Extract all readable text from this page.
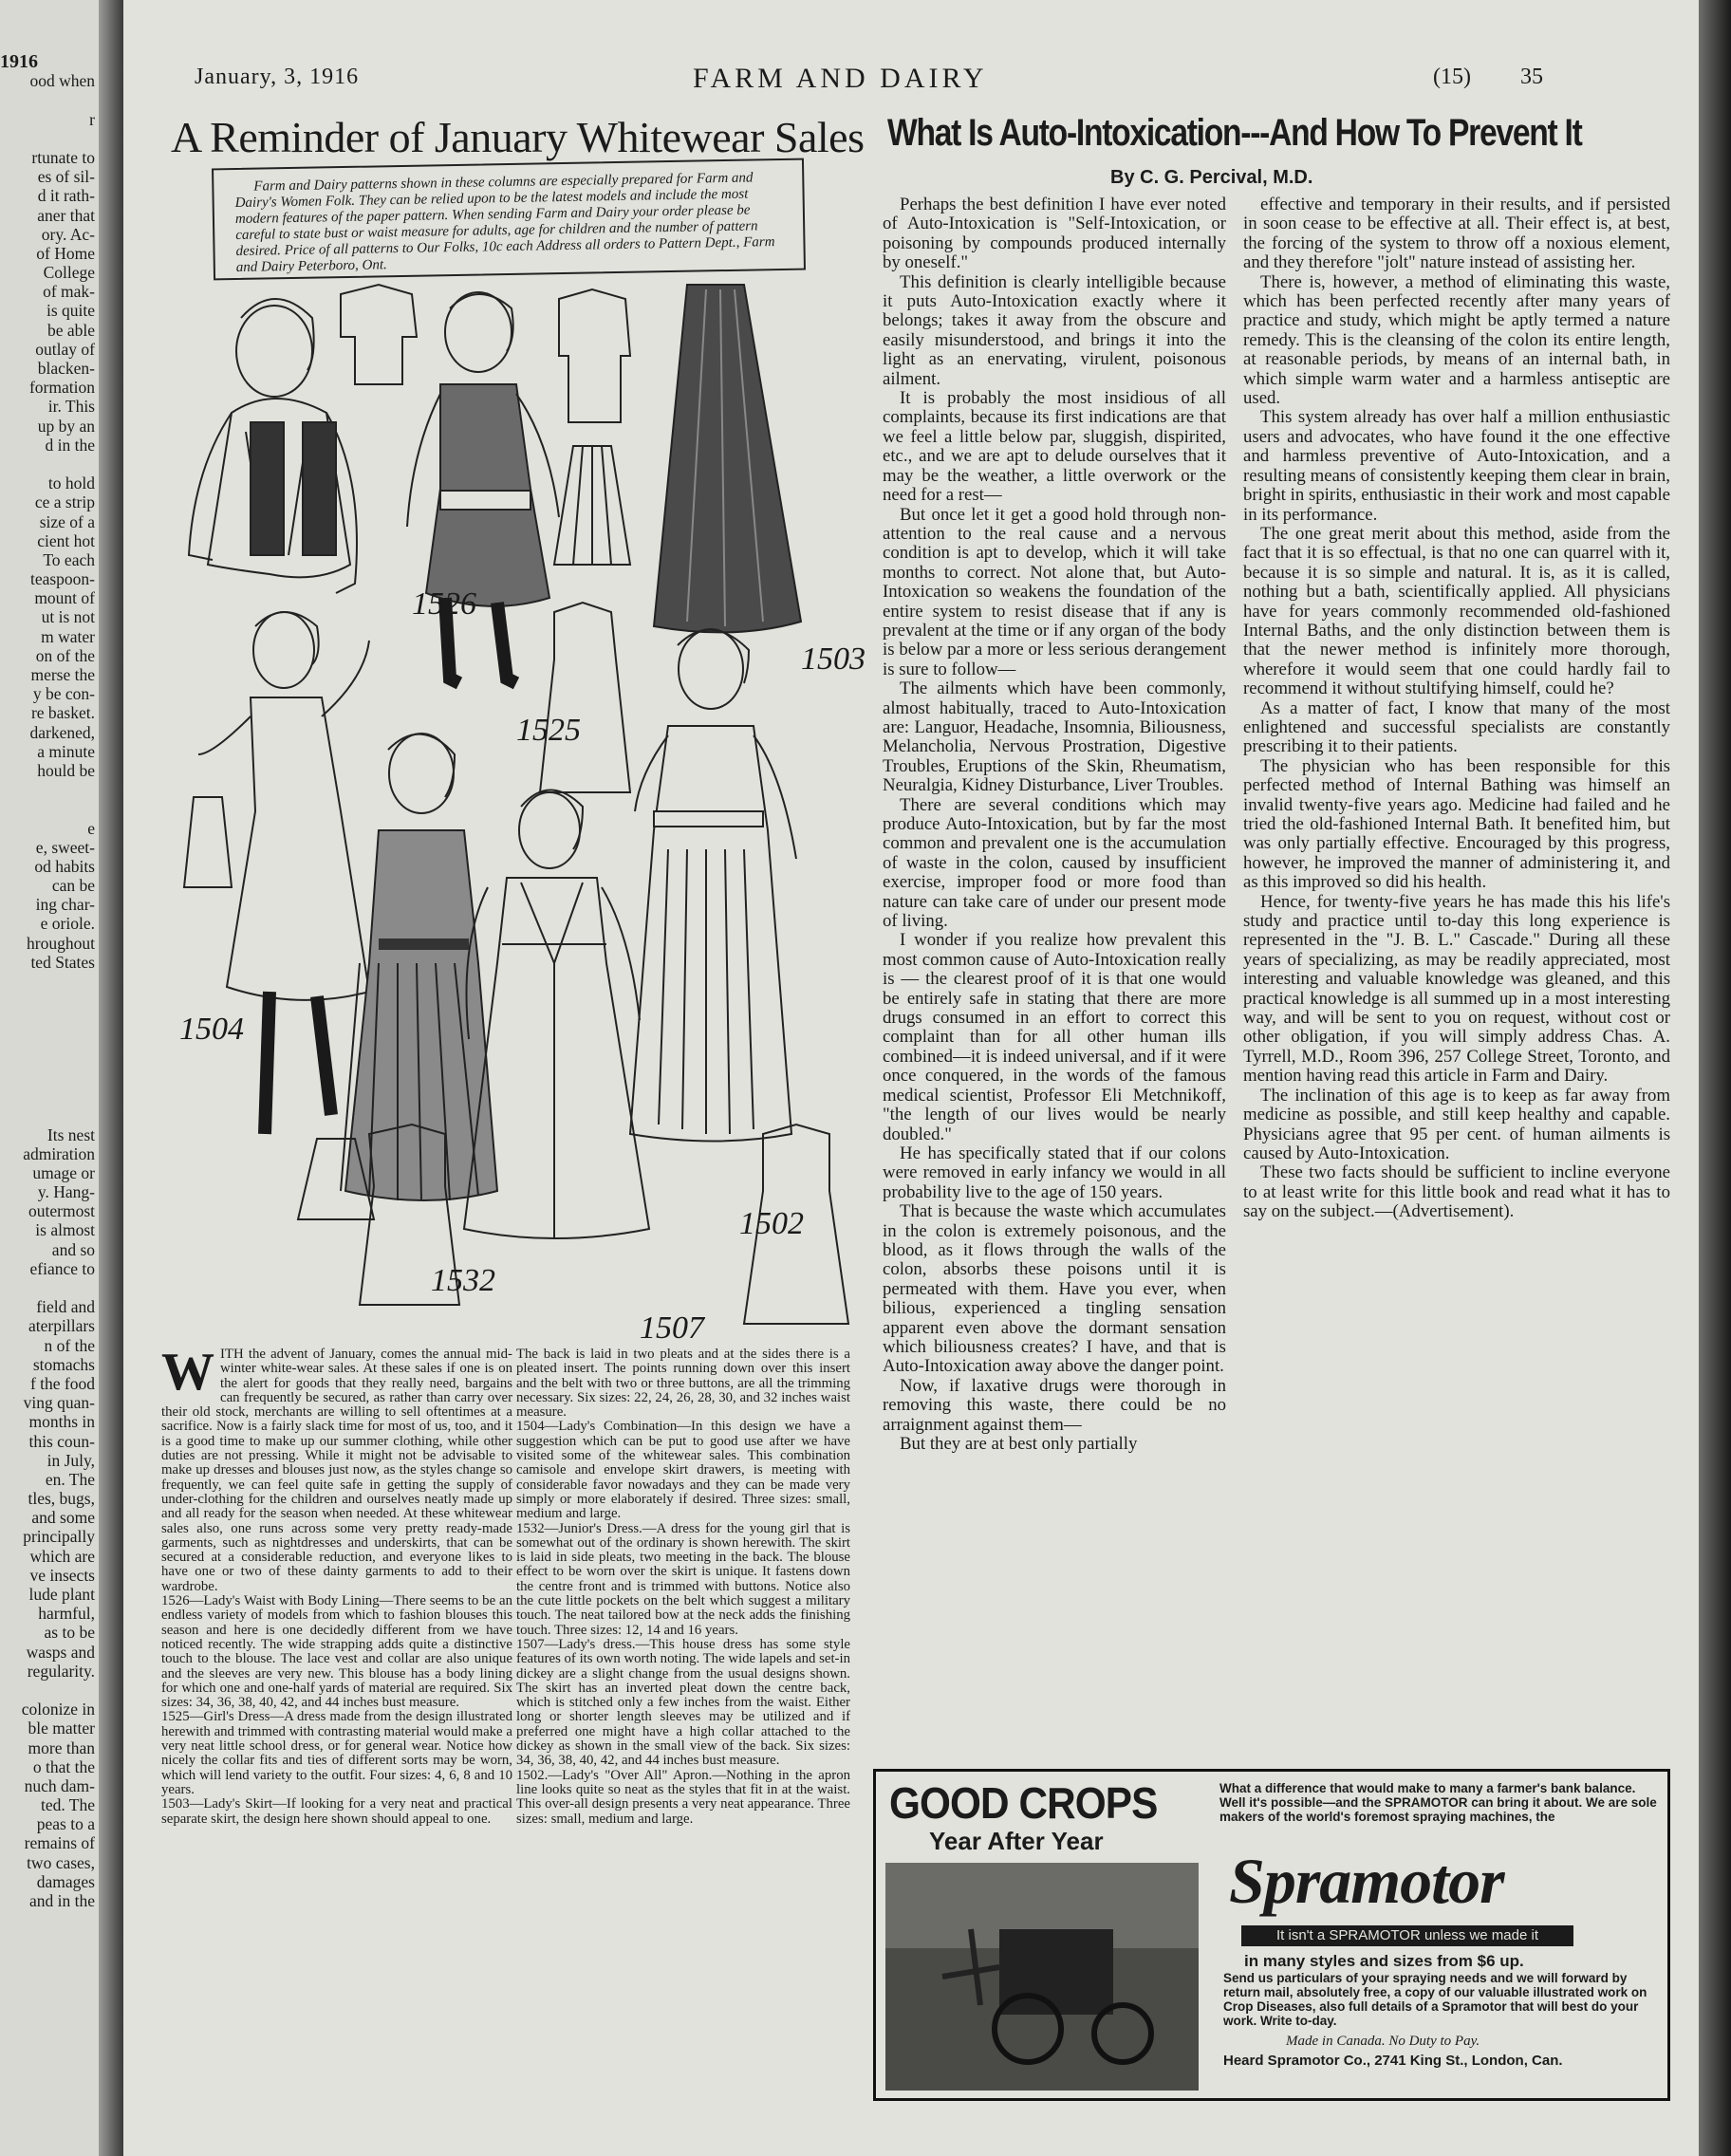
1916
ood when
r
rtunate to
es of sil-
d it rath-
aner that
ory. Ac-
of Home
College
of mak-
is quite
be able
outlay of
blacken-
formation
ir. This
up by an
d in the
to hold
ce a strip
size of a
cient hot
To each
teaspoon-
mount of
ut is not
m water
on of the
merse the
y be con-
re basket.
darkened,
a minute
hould be
e
e, sweet-
od habits
can be
ing char-
e oriole.
hroughout
ted States
Its nest
admiration
umage or
y. Hang-
outermost
is almost
and so
efiance to
field and
aterpillars
n of the
stomachs
f the food
ving quan-
months in
this coun-
in July,
en. The
tles, bugs,
and some
principally
which are
ve insects
lude plant
harmful,
as to be
wasps and
regularity.
colonize in
ble matter
more than
o that the
nuch dam-
ted. The
peas to a
remains of
two cases,
damages
and in the
January, 3, 1916	FARM AND DAIRY	(15) 35
A Reminder of January Whitewear Sales What Is Auto-Intoxication---And How To Prevent It
By C. G. Percival, M.D.

Farm and Dairy patterns shown in these columns are especially prepared for Farm and Dairy's Women Folk. They can be relied upon to be the latest models and include the most modern features of the paper pattern. When sending Farm and Dairy your order please be careful to state bust or waist measure for adults, age for children and the number of pattern desired. Price of all patterns to Our Folks, 10c each Address all orders to Pattern Dept., Farm and Dairy Peterboro, Ont.

1526
1525
1503
1504
1532
1507
1502
W ITH the advent of January, comes the annual mid-winter white-wear sales. At these sales if one is on the alert for goods that they really need, bargains can frequently be secured, as rather than carry over their old stock, merchants are willing to sell oftentimes at a sacrifice. Now is a fairly slack time for most of us, too, and it is a good time to make up our summer clothing, while other duties are not pressing. While it might not be advisable to make up dresses and blouses just now, as the styles change so frequently, we can feel quite safe in getting the supply of under-clothing for the children and ourselves neatly made up and all ready for the season when needed. At these whitewear sales also, one runs across some very pretty ready-made garments, such as nightdresses and underskirts, that can be secured at a considerable reduction, and everyone likes to have one or two of these dainty garments to add to their wardrobe.

1526—Lady's Waist with Body Lining—There seems to be an endless variety of models from which to fashion blouses this season and here is one decidedly different from we have noticed recently. The wide strapping adds quite a distinctive touch to the blouse. The lace vest and collar are also unique and the sleeves are very new. This blouse has a body lining for which one and one-half yards of material are required. Six sizes: 34, 36, 38, 40, 42, and 44 inches bust measure.

1525—Girl's Dress—A dress made from the design illustrated herewith and trimmed with contrasting material would make a very neat little school dress, or for general wear. Notice how nicely the collar fits and ties of different sorts may be worn, which will lend variety to the outfit. Four sizes: 4, 6, 8 and 10 years.

1503—Lady's Skirt—If looking for a very neat and practical separate skirt, the design here shown should appeal to one.

The back is laid in two pleats and at the sides there is a pleated insert. The points running down over this insert and the belt with two or three buttons, are all the trimming necessary. Six sizes: 22, 24, 26, 28, 30, and 32 inches waist measure.

1504—Lady's Combination—In this design we have a suggestion which can be put to good use after we have visited some of the whitewear sales. This combination camisole and envelope skirt drawers, is meeting with considerable favor nowadays and they can be made very simply or more elaborately if desired. Three sizes: small, medium and large.

1532—Junior's Dress.—A dress for the young girl that is somewhat out of the ordinary is shown herewith. The skirt is laid in side pleats, two meeting in the back. The blouse effect to be worn over the skirt is unique. It fastens down the centre front and is trimmed with buttons. Notice also the cute little pockets on the belt which suggest a military touch. The neat tailored bow at the neck adds the finishing touch. Three sizes: 12, 14 and 16 years.

1507—Lady's dress.—This house dress has some style features of its own worth noting. The wide lapels and set-in dickey are a slight change from the usual designs shown. The skirt has an inverted pleat down the centre back, which is stitched only a few inches from the waist. Either long or shorter length sleeves may be utilized and if preferred one might have a high collar attached to the dickey as shown in the small view of the back. Six sizes: 34, 36, 38, 40, 42, and 44 inches bust measure.

1502.—Lady's "Over All" Apron.—Nothing in the apron line looks quite so neat as the styles that fit in at the waist. This over-all design presents a very neat appearance. Three sizes: small, medium and large.

Perhaps the best definition I have ever noted of Auto-Intoxication is "Self-Intoxication, or poisoning by compounds produced internally by oneself."

This definition is clearly intelligible because it puts Auto-Intoxication exactly where it belongs; takes it away from the obscure and easily misunderstood, and brings it into the light as an enervating, virulent, poisonous ailment.

It is probably the most insidious of all complaints, because its first indications are that we feel a little below par, sluggish, dispirited, etc., and we are apt to delude ourselves that it may be the weather, a little overwork or the need for a rest—

But once let it get a good hold through non-attention to the real cause and a nervous condition is apt to develop, which it will take months to correct. Not alone that, but Auto-Intoxication so weakens the foundation of the entire system to resist disease that if any is prevalent at the time or if any organ of the body is below par a more or less serious derangement is sure to follow—

The ailments which have been commonly, almost habitually, traced to Auto-Intoxication are: Languor, Headache, Insomnia, Biliousness, Melancholia, Nervous Prostration, Digestive Troubles, Eruptions of the Skin, Rheumatism, Neuralgia, Kidney Disturbance, Liver Troubles.

There are several conditions which may produce Auto-Intoxication, but by far the most common and prevalent one is the accumulation of waste in the colon, caused by insufficient exercise, improper food or more food than nature can take care of under our present mode of living.

I wonder if you realize how prevalent this most common cause of Auto-Intoxication really is — the clearest proof of it is that one would be entirely safe in stating that there are more drugs consumed in an effort to correct this complaint than for all other human ills combined—it is indeed universal, and if it were once conquered, in the words of the famous medical scientist, Professor Eli Metchnikoff, "the length of our lives would be nearly doubled."

He has specifically stated that if our colons were removed in early infancy we would in all probability live to the age of 150 years.

That is because the waste which accumulates in the colon is extremely poisonous, and the blood, as it flows through the walls of the colon, absorbs these poisons until it is permeated with them. Have you ever, when bilious, experienced a tingling sensation apparent even above the dormant sensation which biliousness creates? I have, and that is Auto-Intoxication away above the danger point.

Now, if laxative drugs were thorough in removing this waste, there could be no arraignment against them—

But they are at best only partially

effective and temporary in their results, and if persisted in soon cease to be effective at all. Their effect is, at best, the forcing of the system to throw off a noxious element, and they therefore "jolt" nature instead of assisting her.

There is, however, a method of eliminating this waste, which has been perfected recently after many years of practice and study, which might be aptly termed a nature remedy. This is the cleansing of the colon its entire length, at reasonable periods, by means of an internal bath, in which simple warm water and a harmless antiseptic are used.

This system already has over half a million enthusiastic users and advocates, who have found it the one effective and harmless preventive of Auto-Intoxication, and a resulting means of consistently keeping them clear in brain, bright in spirits, enthusiastic in their work and most capable in its performance.

The one great merit about this method, aside from the fact that it is so effectual, is that no one can quarrel with it, because it is so simple and natural. It is, as it is called, nothing but a bath, scientifically applied. All physicians have for years commonly recommended old-fashioned Internal Baths, and the only distinction between them is that the newer method is infinitely more thorough, wherefore it would seem that one could hardly fail to recommend it without stultifying himself, could he?

As a matter of fact, I know that many of the most enlightened and successful specialists are constantly prescribing it to their patients.

The physician who has been responsible for this perfected method of Internal Bathing was himself an invalid twenty-five years ago. Medicine had failed and he tried the old-fashioned Internal Bath. It benefited him, but was only partially effective. Encouraged by this progress, however, he improved the manner of administering it, and as this improved so did his health.

Hence, for twenty-five years he has made this his life's study and practice until to-day this long experience is represented in the "J. B. L." Cascade." During all these years of specializing, as may be readily appreciated, most interesting and valuable knowledge was gleaned, and this practical knowledge is all summed up in a most interesting way, and will be sent to you on request, without cost or other obligation, if you will simply address Chas. A. Tyrrell, M.D., Room 396, 257 College Street, Toronto, and mention having read this article in Farm and Dairy.

The inclination of this age is to keep as far away from medicine as possible, and still keep healthy and capable. Physicians agree that 95 per cent. of human ailments is caused by Auto-Intoxication.

These two facts should be sufficient to incline everyone to at least write for this little book and read what it has to say on the subject.—(Advertisement).

GOOD CROPS
Year After Year
What a difference that would make to many a farmer's bank balance. Well it's possible—and the SPRAMOTOR can bring it about. We are sole makers of the world's foremost spraying machines, the
Spramotor
It isn't a SPRAMOTOR unless we made it
in many styles and sizes from $6 up.
Send us particulars of your spraying needs and we will forward by return mail, absolutely free, a copy of our valuable illustrated work on Crop Diseases, also full details of a Spramotor that will best do your work. Write to-day.
Made in Canada. No Duty to Pay.
Heard Spramotor Co., 2741 King St., London, Can.
